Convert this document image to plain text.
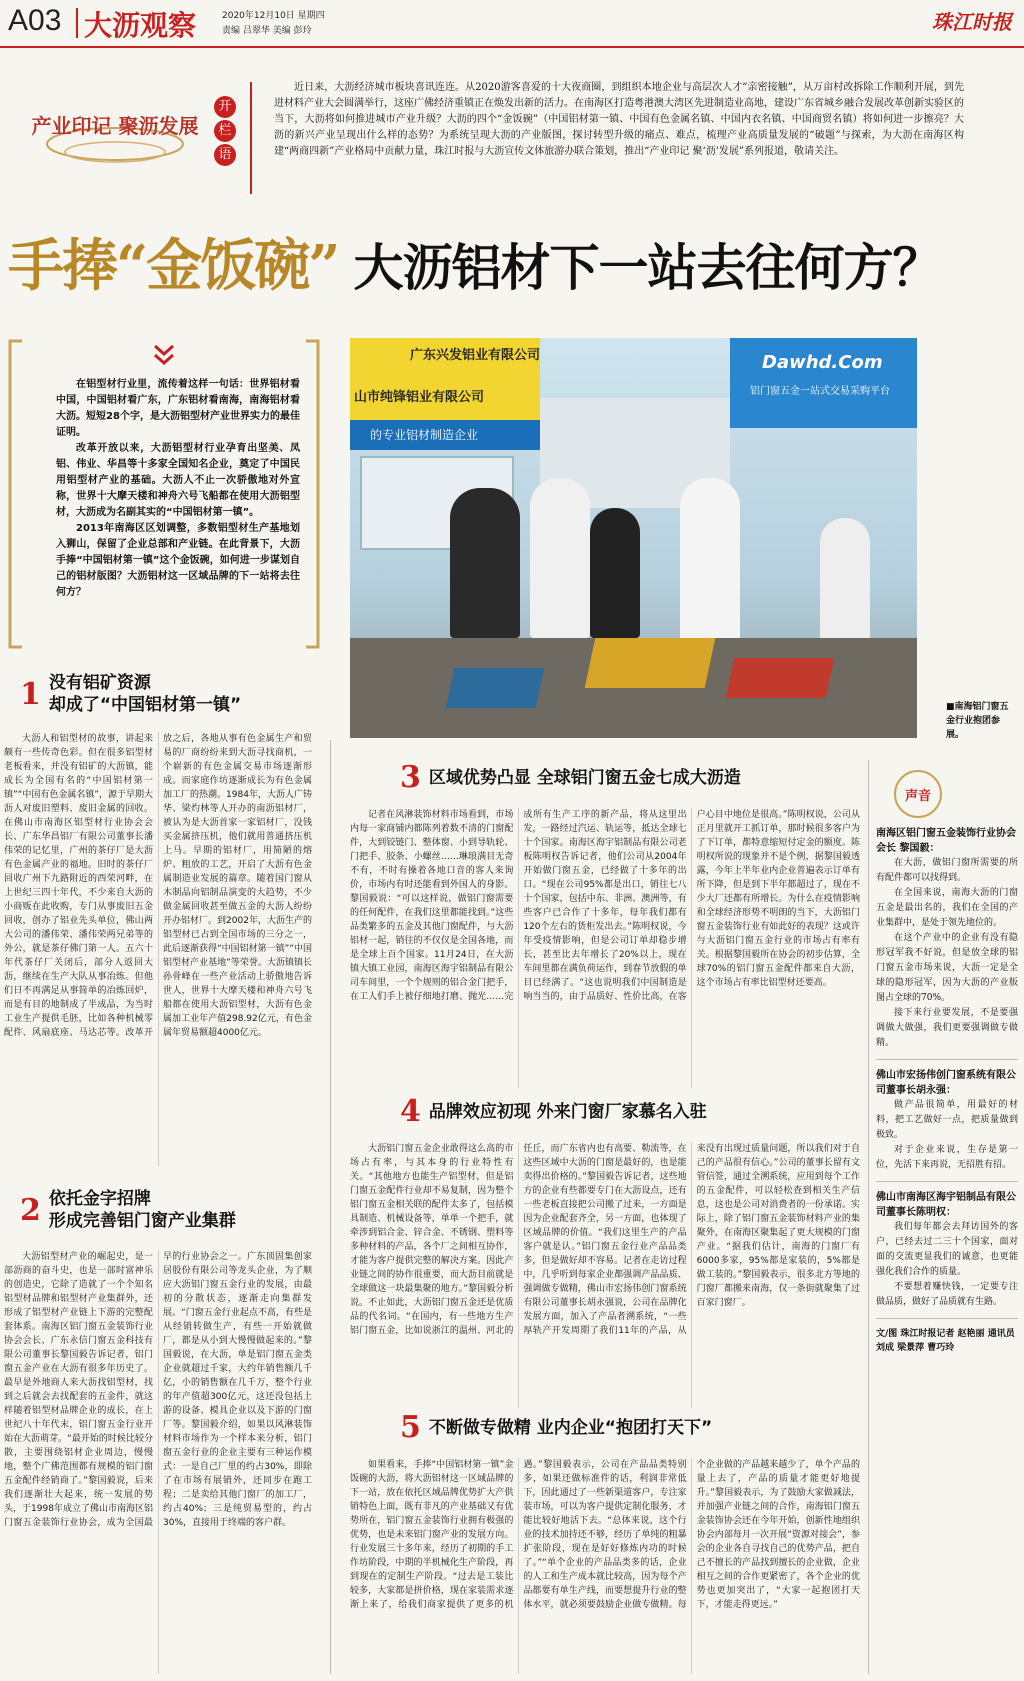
A03 大沥观察	2020年12月10日 星期四
责编 吕翠华 美编 彭玲	珠江时报
产业印记 聚沥发展
开
栏
语
近日来，大沥经济城市板块喜讯连连。从2020游客喜爱的十大夜商圈，到组织本地企业与高层次人才“亲密接触”，从万亩村改拆除工作顺利开展，到先进材料产业大会圆满举行，这座广佛经济重镇正在焕发出新的活力。在南海区打造粤港澳大湾区先进制造业高地，建设广东省城乡融合发展改革创新实验区的当下，大沥将如何推进城市产业升级？大沥的四个“金饭碗”（中国铝材第一镇、中国有色金属名镇、中国内衣名镇、中国商贸名镇）将如何进一步擦亮？大沥的新兴产业呈现出什么样的态势？为系统呈现大沥的产业版图，探讨转型升级的痛点、难点，梳理产业高质量发展的“破题”与探索，为大沥在南海区构建“两商四新”产业格局中贡献力量，珠江时报与大沥宣传文体旅游办联合策划，推出“产业印记 聚‘沥’发展”系列报道，敬请关注。
手捧“金饭碗” 大沥铝材下一站去往何方？

在铝型材行业里，流传着这样一句话：世界铝材看中国，中国铝材看广东，广东铝材看南海，南海铝材看大沥。短短28个字，是大沥铝型材产业世界实力的最佳证明。

改革开放以来，大沥铝型材行业孕育出坚美、凤铝、伟业、华昌等十多家全国知名企业，奠定了中国民用铝型材产业的基础。大沥人不止一次骄傲地对外宣称，世界十大摩天楼和神舟六号飞船都在使用大沥铝型材，大沥成为名副其实的“中国铝材第一镇”。

2013年南海区区划调整，多数铝型材生产基地划入狮山，保留了企业总部和产业链。在此背景下，大沥手捧“中国铝材第一镇”这个金饭碗，如何进一步谋划自己的铝材版图？大沥铝材这一区域品牌的下一站将去往何方？

广东兴发铝业有限公司
山市纯锋铝业有限公司
的专业铝材制造企业
Dawhd.Com
铝门窗五金一站式交易采购平台
■南海铝门窗五金行业抱团参展。
1 没有铝矿资源
却成了“中国铝材第一镇”
大沥人和铝型材的故事，讲起来颇有一些传奇色彩。但在很多铝型材老板看来，并没有铝矿的大沥镇，能成长为全国有名的“中国铝材第一镇”“中国有色金属名镇”，源于早期大沥人对废旧塑料、废旧金属的回收。在佛山市南海区铝型材行业协会会长、广东华昌铝厂有限公司董事长潘伟荣的记忆里，广州的茶仔厂是大沥有色金属产业的福地。旧时的茶仔厂回收广州下九路附近的西荣河畔，在上世纪三四十年代，不少来自大沥的小商贩在此收购，专门从事废旧五金回收，创办了铝业先头单位，佛山两大公司的潘伟荣、潘伟荣两兄弟等的外公，就是茶仔佛门第一人。五六十年代茶仔厂关闭后，部分人返回大沥，继续在生产大队从事冶炼。但他们日不再满足从事简单的冶炼回炉，而是有目的地制成了半成品，为当时工业生产提供毛胚，比如各种机械零配件、风扇底座、马达芯等。改革开放之后，各地从事有色金属生产和贸易的厂商纷纷来到大沥寻找商机，一个崭新的有色金属交易市场逐渐形成。而家庭作坊逐渐成长为有色金属加工厂的热潮。1984年，大沥人广铸华、梁灼林等人开办的南沥铝材厂，被认为是大沥首家一家铝材厂，没钱买金属挤压机，他们就用普通挤压机上马。早期的铝材厂，用简陋的熔炉、粗放的工艺，开启了大沥有色金属制造业发展的篇章。随着国门窗从木制品向铝制品演变的大趋势，不少做金属回收甚至做五金的大沥人纷纷开办铝材厂。到2002年，大沥生产的铝型材已占到全国市场的三分之一，此后逐渐获得“中国铝材第一镇”“中国铝型材产业基地”等荣誉。大沥镇镇长孙骨峰在一些产业活动上骄傲地告诉世人，世界十大摩天楼和神舟六号飞船都在使用大沥铝型材，大沥有色金属加工业年产值298.92亿元，有色金属年贸易额超4000亿元。
2 依托金字招牌
形成完善铝门窗产业集群
大沥铝型材产业的崛起史，是一部沥商的奋斗史，也是一部时富神乐的创造史，它除了造就了一个个知名铝型材品牌和铝型材产业集群外，还形成了铝型材产业链上下游的完整配套体系。南海区铝门窗五金装饰行业协会会长、广东永信门窗五金科技有限公司董事长黎国毅告诉记者，铝门窗五金产业在大沥有很多年历史了。最早是外地商人来大沥找铝型材，找到之后就会去找配套的五金件，就这样随着铝型材品牌企业的成长，在上世纪八十年代末，铝门窗五金行业开始在大沥萌芽。“最开始的时候比较分散，主要围绕铝材企业周边，慢慢地，整个广佛范围都有规模的铝门窗五金配件经销商了。”黎国毅说，后来我们逐渐壮大起来，统一发展的势头，于1998年成立了佛山市南海区铝门窗五金装饰行业协会，成为全国最早的行业协会之一。广东顶固集创家居股份有限公司等龙头企业，为了顺应大沥铝门窗五金行业的发展，由最初的分散状态，逐渐走向集群发展。“门窗五金行业起点不高，有些是从经销转做生产，有些一开始就做厂，都是从小到大慢慢做起来的。”黎国毅说，在大沥，单是铝门窗五金类企业就超过千家，大约年销售额几千亿，小的销售额在几千万，整个行业的年产值超300亿元，这还没包括上游的设备、模具企业以及下游的门窗厂等。黎国毅介绍，如果以风淋装饰材料市场作为一个样本来分析，铝门窗五金行业的企业主要有三种运作模式：一是自己厂里的约占30%，即除了在市场有展销外，还同步在跑工程；二是卖给其他门窗厂的加工厂，约占40%；三是纯贸易型的，约占30%，直接用于终端的客户群。
3 区域优势凸显 全球铝门窗五金七成大沥造
记者在风淋装饰材料市场看到，市场内每一家商铺内都陈列着数不清的门窗配件，大到铰链门、整体窗、小到导轨轮、门把手、胶条、小螺丝……琳琅满目无奇不有，不时有操着各地口音的客人来询价，市场内有时还能看到外国人的身影。黎国毅说：“可以这样说，做铝门窗需要的任何配件，在我们这里都能找到。”这些品类繁多的五金及其他门窗配件，与大沥铝材一起，销往的不仅仅是全国各地，而是全球上百个国家。11月24日，在大沥镇大镇工业园，南海区海宇铝制品有限公司车间里，一个个规则的铝合金门把手，在工人们手上被仔细地打磨、抛光……完成所有生产工序的新产品，将从这里出发，一路经过汽运、轨运等，抵达全球七十个国家。南海区海宇铝制品有限公司老板陈明权告诉记者，他们公司从2004年开始做门窗五金，已经做了十多年的出口。“现在公司95%都是出口，销往七八十个国家，包括中东、非洲、澳洲等，有些客户已合作了十多年，每年我们都有120个左右的货柜发出去。”陈明权说，今年受疫情影响，但是公司订单却稳步增长，甚至比去年增长了20%以上，现在车间里都在满负荷运作，到春节放假的单目已经满了。“这也说明我们中国制造是响当当的，由于品质好、性价比高，在客户心目中地位是很高。”陈明权说，公司从正月里就开工抓订单，那时候很多客户为了下订单，都特意缩短付定金的额度。陈明权所说的现象并不是个例，据黎国毅透露，今年上半年业内企业普遍表示订单有所下降，但是到下半年都超过了，现在不少大厂还都有所增长。为什么在疫情影响和全球经济形势不明朗的当下，大沥铝门窗五金装饰行业有如此好的表现？这或许与大沥铝门窗五金行业的市场占有率有关。根据黎国毅所在协会的初步估算，全球70%的铝门窗五金配件都来自大沥，这个市场占有率比铝型材还要高。
4 品牌效应初现 外来门窗厂家慕名入驻
大沥铝门窗五金企业敢得这么高的市场占有率，与其本身的行业特性有关。“其他地方也能生产铝型材，但是铝门窗五金配件行业却不易复制，因为整个铝门窗五金相关联的配件太多了，包括模具制造、机械设备等，单单一个把手，就牵涉到铝合金、锌合金、不锈钢、塑料等多种材料的产品，各个厂之间相互协作，才能为客户提供完整的解决方案。因此产业链之间的协作很重要，而大沥目前就是全球做这一块最集聚的地方。”黎国毅分析说。不止如此，大沥铝门窗五金还是优质品的代名词。“在国内，有一些地方生产铝门窗五金，比如说浙江的温州、河北的任丘，而广东省内也有高要、勒流等，在这些区域中大沥的门窗是最好的，也是能卖得出价格的。”黎国毅告诉记者，这些地方的企业有些都要专门在大沥设点，还有一些老板直接把公司搬了过来，一方面是因为企业配套齐全，另一方面，也体现了区域品牌的价值。“我们这里生产的产品客户就是认。”铝门窗五金行业产品品类多，但是做好却不容易。记者在走访过程中，几乎听到每家企业都强调产品品质、强调做专做精，佛山市宏扬伟创门窗系统有限公司董事长胡永强说，公司在品牌化发展方面，加入了产品者溯系统，“一些厚轨产开发周期了我们11年的产品，从来没有出现过质量问题，所以我们对于自己的产品很有信心。”公司的董事长留有文管信签，通过全溯系统，应用到每个工作的五金配件，可以轻松查到相关生产信息，这也是公司对消费者的一份承诺。实际上，除了铝门窗五金装饰材料产业的集聚外，在南海区聚集起了更大规模的门窗产业。“据我们估计，南海的门窗厂有6000多家，95%都是家装的，5%都是做工装的。”黎国毅表示，很多北方等地的门窗厂都搬来南海，仅一条街就聚集了过百家门窗厂。
5 不断做专做精 业内企业“抱团打天下”
如果看来，手捧“中国铝材第一镇”金饭碗的大沥，将大沥铝材这一区域品牌的下一站，放在依托区域品牌优势扩大产供销特色上面，既有非凡的产业基础又有优势所在，铝门窗五金装饰行业拥有极强的优势，也是未来铝门窗产业的发展方向。行业发展三十多年来，经历了初期的手工作坊阶段，中期的半机械化生产阶段，再到现在的定制生产阶段。“过去是工装比较多，大家都是拼价格，现在家装需求逐渐上来了，给我们商家提供了更多的机遇。”黎国毅表示，公司在产品品类特别多，如果还做标准件的话，利润非常低下，因此通过了一些新渠道客户，专注家装市场，可以为客户提供定制化服务，才能比较好地活下去。“总体来说，这个行业的技术加持还不够，经历了单纯的粗暴扩张阶段，现在是好好修炼内功的时候了。”“单个企业的产品品类多的话，企业的人工和生产成本就比较高，因为每个产品都要有单生产线，而要想提升行业的整体水平，就必须要鼓励企业做专做精。每个企业做的产品越来越少了，单个产品的量上去了，产品的质量才能更好地提升。”黎国毅表示，为了鼓励大家做减法，并加强产业链之间的合作，南海铝门窗五金装饰协会还在今年开始，创新性地组织协会内部每月一次开展“资源对接会”，参会的企业各自寻找自己的优势产品，把自己不擅长的产品找到擅长的企业做，企业相互之间的合作更紧密了，各个企业的优势也更加突出了，“大家一起抱团打天下，才能走得更远。”
声音
南海区铝门窗五金装饰行业协会会长 黎国毅：

在大沥，做铝门窗所需要的所有配件都可以找得到。

在全国来说，南海大沥的门窗五金是最出名的，我们在全国的产业集群中，是处于领先地位的。

在这个产业中的企业有没有隐形冠军我不好说，但是放全球的铝门窗五金市场来说，大沥一定是全球的隐形冠军，因为大沥的产业版图占全球的70%。

接下来行业要发展，不是要强调做大做强，我们更要强调做专做精。

佛山市宏扬伟创门窗系统有限公司董事长胡永强：

做产品很简单，用最好的材料，把工艺做好一点，把质量做到极致。

对于企业来说，生存是第一位，先活下来再说，无招胜有招。

佛山市南海区海宇铝制品有限公司董事长陈明权：

我们每年都会去拜访国外的客户，已经去过二三十个国家，面对面的交流更显我们的诚意，也更能强化我们合作的质量。

不要想着赚快钱，一定要专注做品质，做好了品质就有生路。

文/图 珠江时报记者 赵艳丽 通讯员 刘成 梁景萍 曹巧玲
